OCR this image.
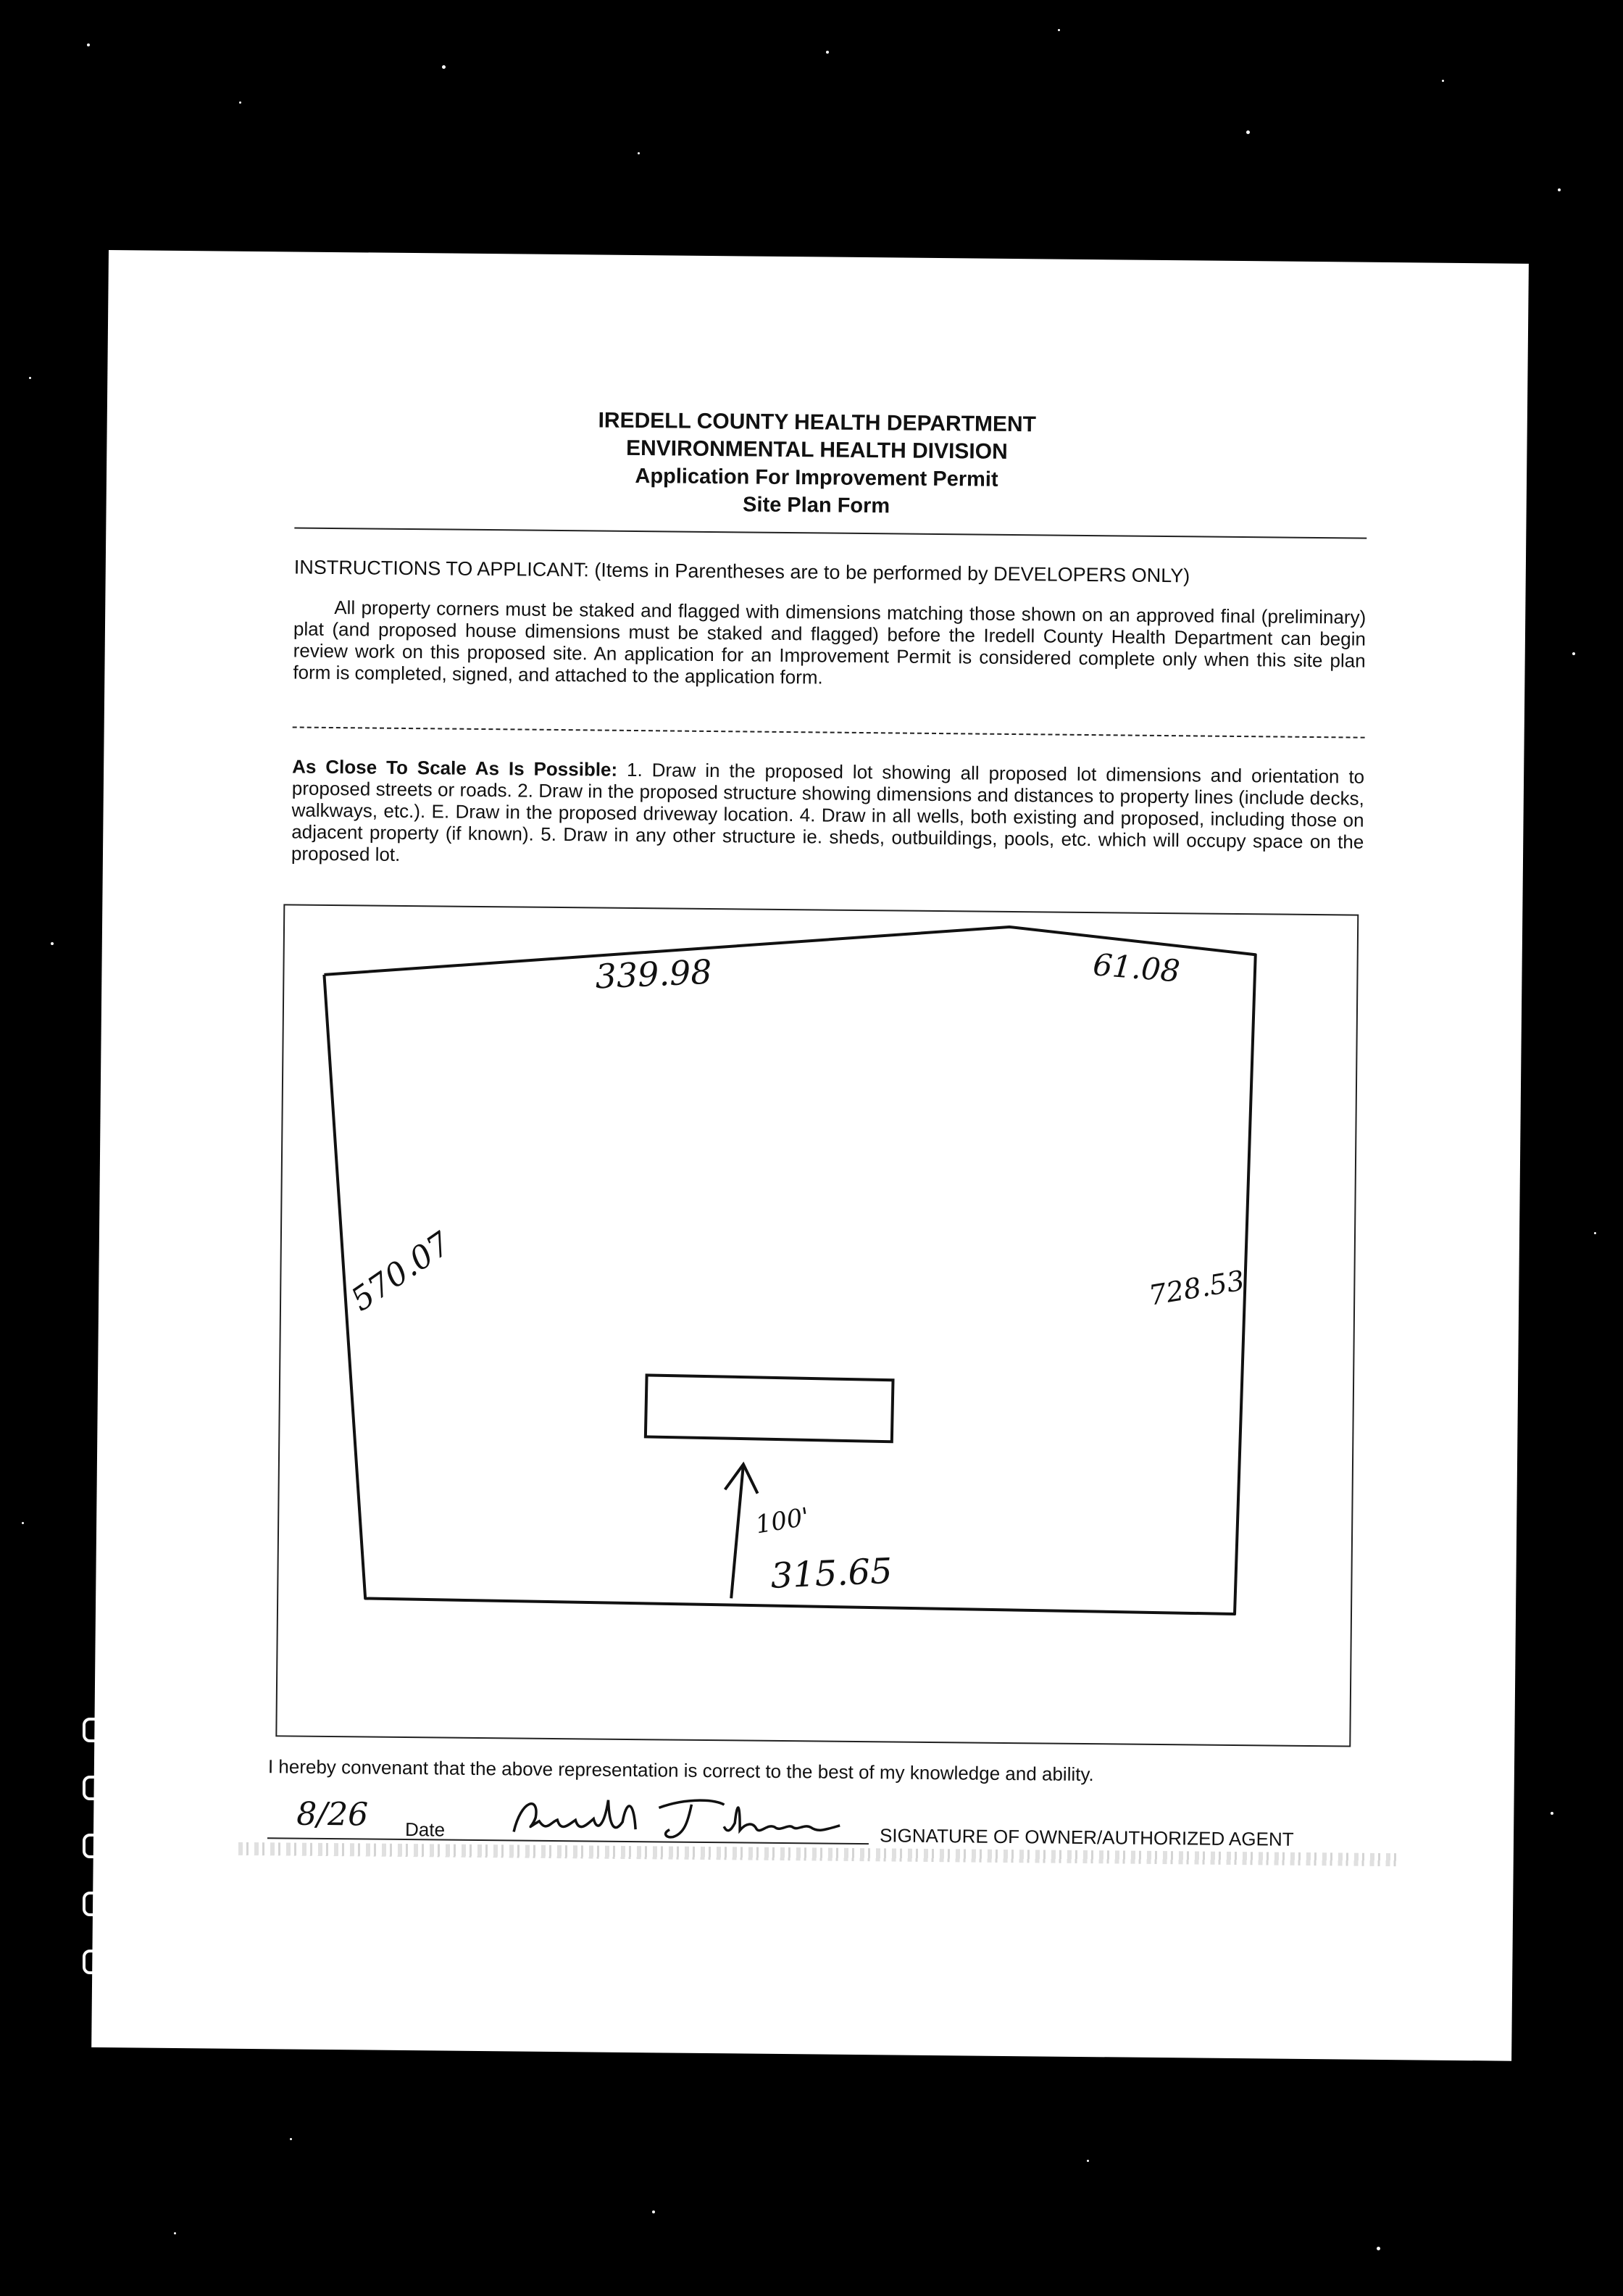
IREDELL COUNTY HEALTH DEPARTMENT
ENVIRONMENTAL HEALTH DIVISION
Application For Improvement Permit
Site Plan Form
INSTRUCTIONS TO APPLICANT: (Items in Parentheses are to be performed by DEVELOPERS ONLY)
All property corners must be staked and flagged with dimensions matching those shown on an approved final (preliminary) plat (and proposed house dimensions must be staked and flagged) before the Iredell County Health Department can begin review work on this proposed site. An application for an Improvement Permit is considered complete only when this site plan form is completed, signed, and attached to the application form.
As Close To Scale As Is Possible: 1. Draw in the proposed lot showing all proposed lot dimensions and orientation to proposed streets or roads. 2. Draw in the proposed structure showing dimensions and distances to property lines (include decks, walkways, etc.). E. Draw in the proposed driveway location. 4. Draw in all wells, both existing and proposed, including those on adjacent property (if known). 5. Draw in any other structure ie. sheds, outbuildings, pools, etc. which will occupy space on the proposed lot.
339.98	61.08
570.07	728.53
315.65
100'
I hereby convenant that the above representation is correct to the best of my knowledge and ability.
8/26 Date	SIGNATURE OF OWNER/AUTHORIZED AGENT
